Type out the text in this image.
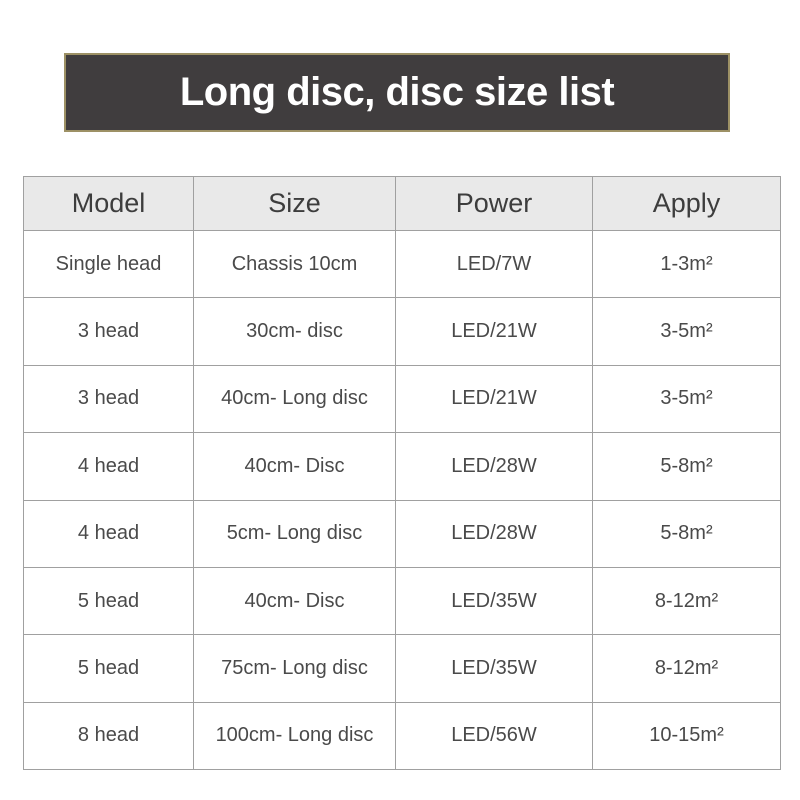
Long disc, disc size list
Model	Size	Power	Apply
Single head	Chassis 10cm	LED/7W	1-3m²
3 head	30cm- disc	LED/21W	3-5m²
3 head	40cm- Long disc	LED/21W	3-5m²
4 head	40cm- Disc	LED/28W	5-8m²
4 head	5cm- Long disc	LED/28W	5-8m²
5 head	40cm- Disc	LED/35W	8-12m²
5 head	75cm- Long disc	LED/35W	8-12m²
8 head	100cm- Long disc	LED/56W	10-15m²
